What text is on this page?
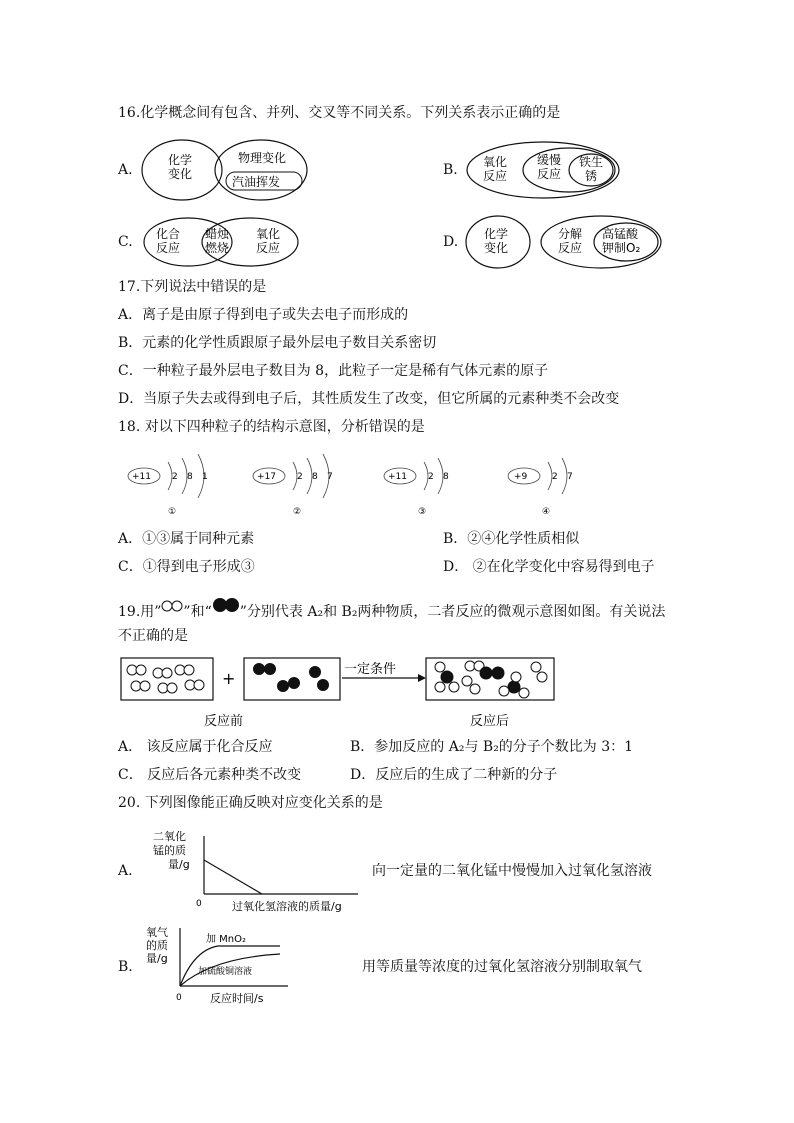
16.化学概念间有包含、并列、交叉等不同关系。下列关系表示正确的是
A.
化学
变化
物理变化
汽油挥发
B. 氧化
反应
缓慢
反应
铁生
锈
C. 化合
反应
蜡烛
燃烧
氧化
反应	D. 化学
变化
分解
反应
高锰酸
钾制O₂
17.下列说法中错误的是
A．离子是由原子得到电子或失去电子而形成的
B．元素的化学性质跟原子最外层电子数目关系密切
C．一种粒子最外层电子数目为 8，此粒子一定是稀有气体元素的原子
D．当原子失去或得到电子后，其性质发生了改变，但它所属的元素种类不会改变
18. 对以下四种粒子的结构示意图，分析错误的是
+11 2 8 1
①
+17 2 8 7
②
+11 2 8
③
+9	2 7
④
A．①③属于同种元素	B．②④化学性质相似
C．①得到电子形成③	D． ②在化学变化中容易得到电子
19.用” ”和“ ”分别代表 A₂和 B₂两种物质，二者反应的微观示意图如图。有关说法
不正确的是
+	一定条件
反应前	反应后
A． 该反应属于化合反应	B．参加反应的 A₂与 B₂的分子个数比为 3：1
C． 反应后各元素种类不改变	D．反应后的生成了二种新的分子
20. 下列图像能正确反映对应变化关系的是
A.
二氧化
锰的质
量/g
0	过氧化氢溶液的质量/g
向一定量的二氧化锰中慢慢加入过氧化氢溶液
B.
氧气
的质
量/g
加 MnO₂
加硫酸铜溶液
0	反应时间/s
用等质量等浓度的过氧化氢溶液分别制取氧气
